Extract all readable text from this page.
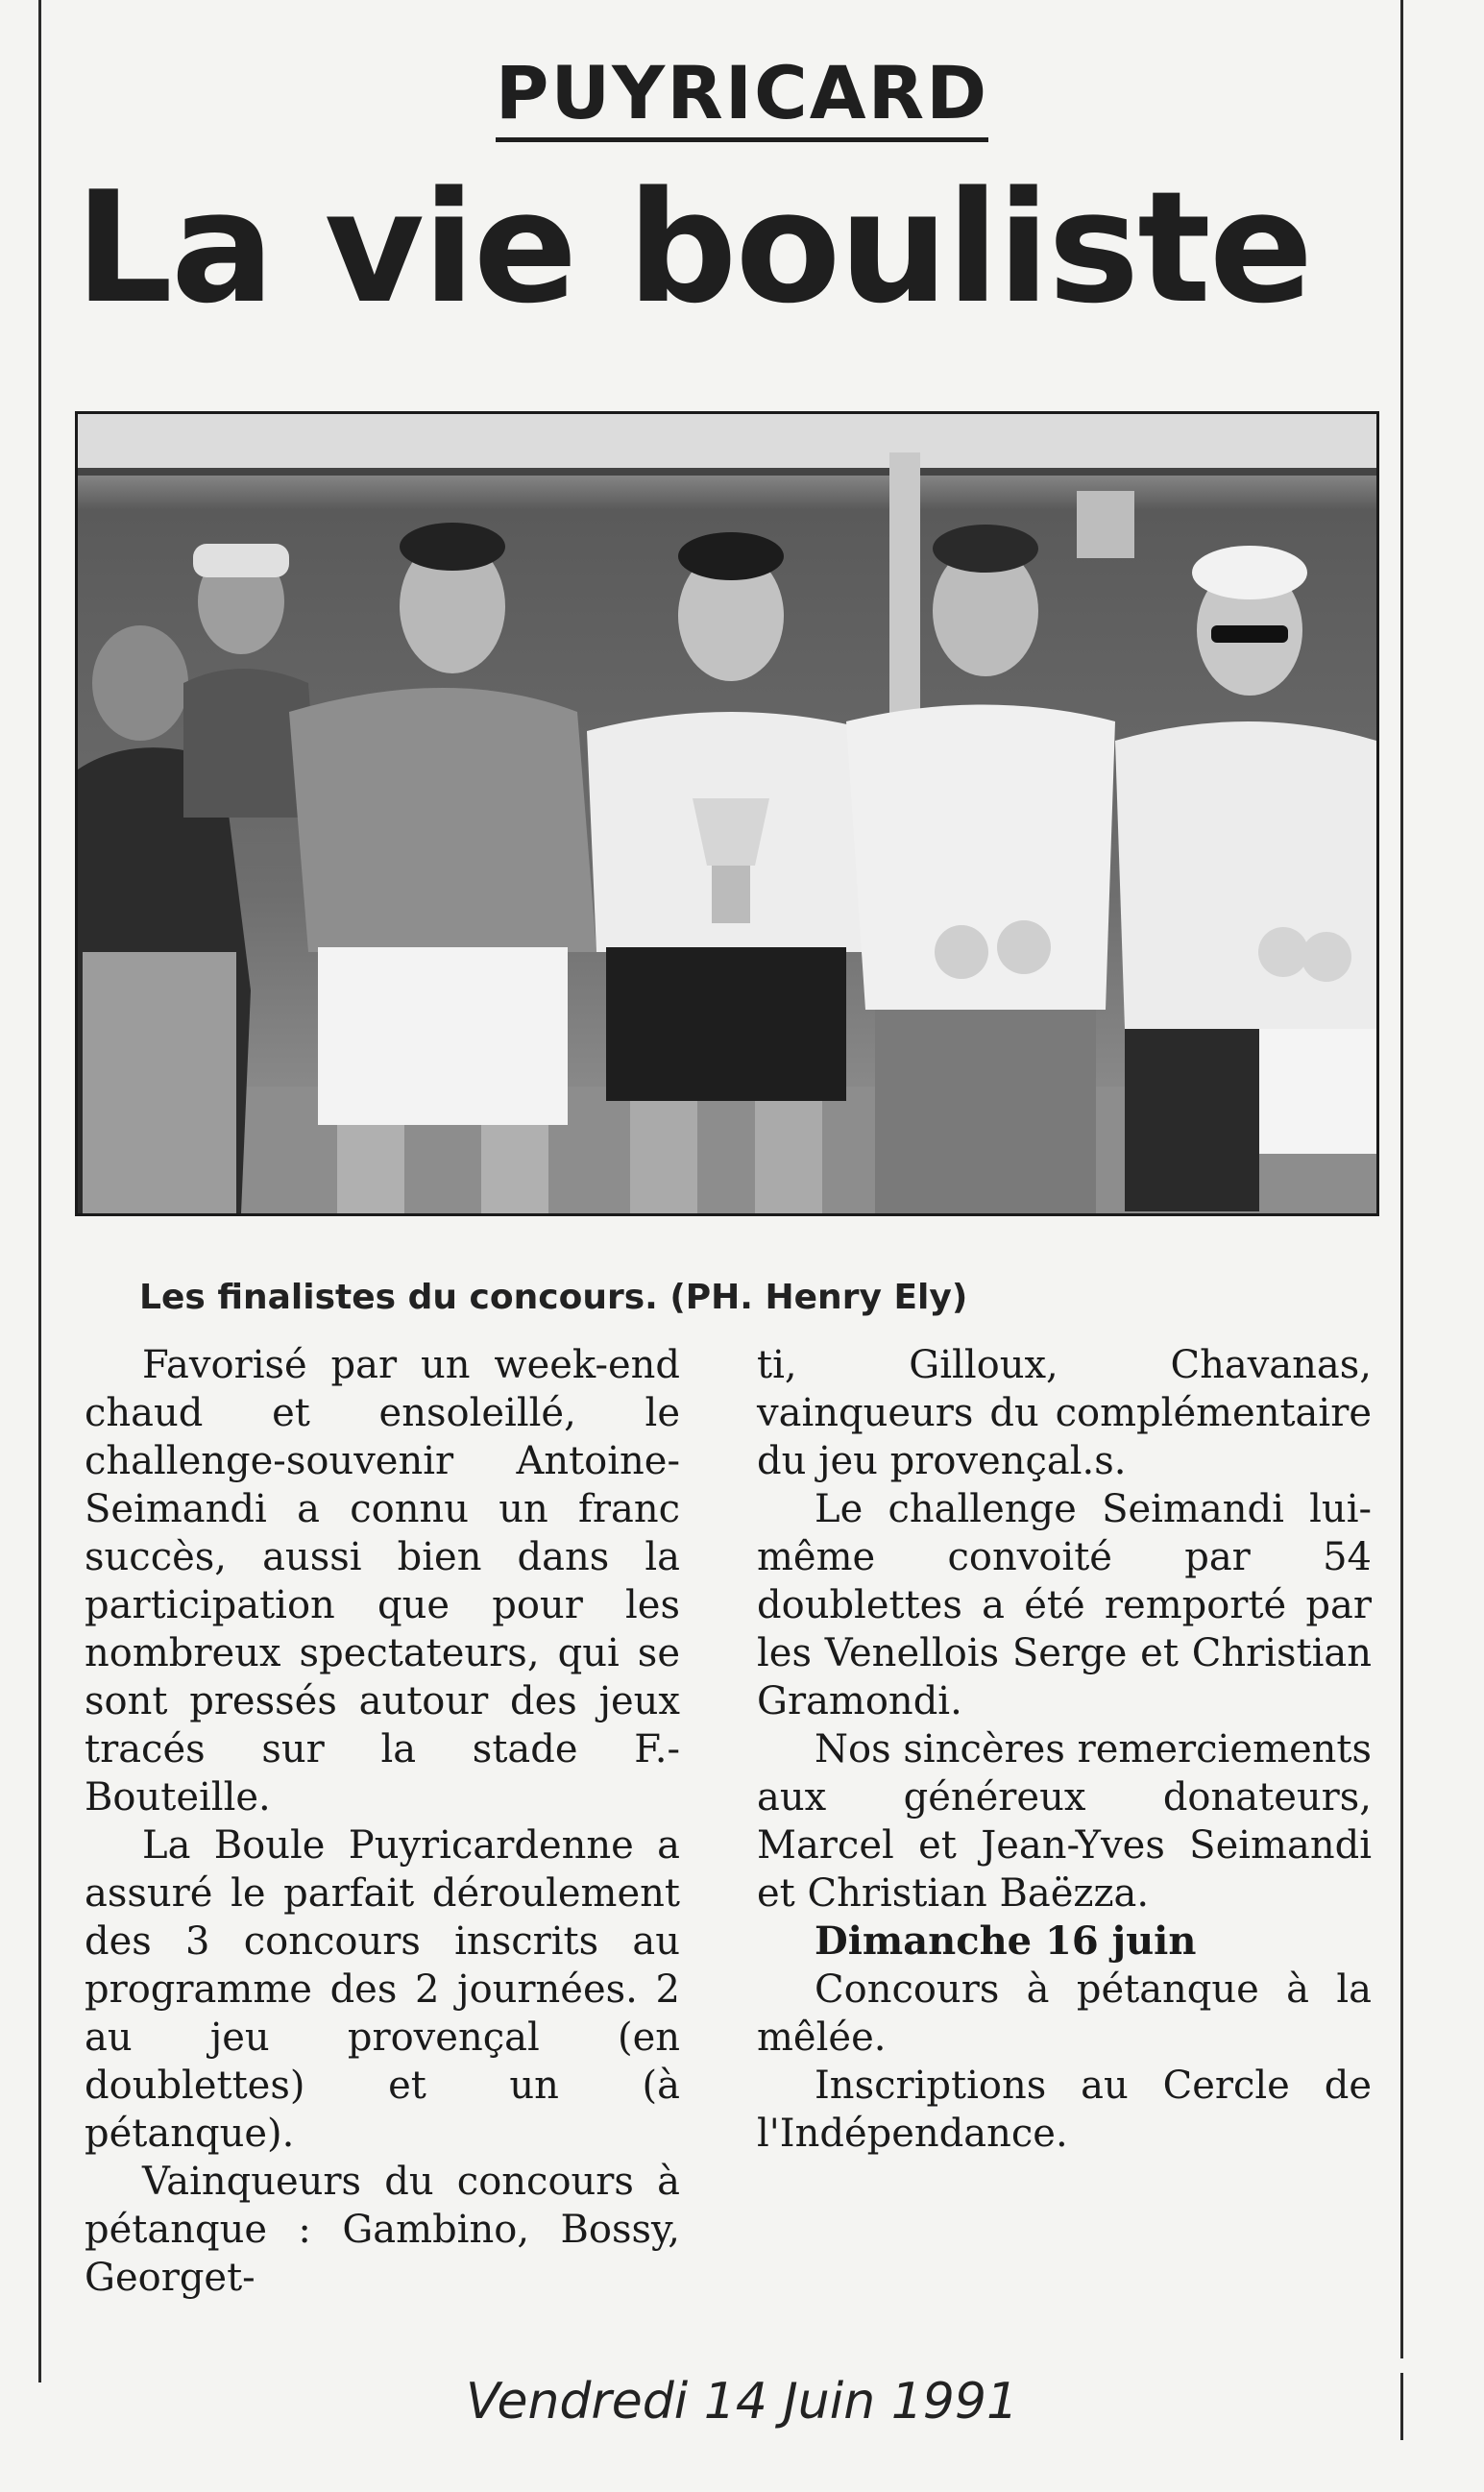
PUYRICARD
La vie bouliste
Les finalistes du concours. (PH. Henry Ely)

Favorisé par un week-end chaud et ensoleillé, le challenge-souvenir Antoine-Seimandi a connu un franc succès, aussi bien dans la participation que pour les nombreux spectateurs, qui se sont pressés autour des jeux tracés sur la stade F.-Bouteille.

La Boule Puyricardenne a assuré le parfait déroulement des 3 concours inscrits au programme des 2 journées. 2 au jeu provençal (en doublettes) et un (à pétanque).

Vainqueurs du concours à pétanque : Gambino, Bossy, Georget-

ti, Gilloux, Chavanas, vainqueurs du complémentaire du jeu provençal.s.

Le challenge Seimandi lui-même convoité par 54 doublettes a été remporté par les Venellois Serge et Christian Gramondi.

Nos sincères remerciements aux généreux donateurs, Marcel et Jean-Yves Seimandi et Christian Baëzza.

Dimanche 16 juin

Concours à pétanque à la mêlée.

Inscriptions au Cercle de l'Indépendance.

Vendredi 14 Juin 1991
